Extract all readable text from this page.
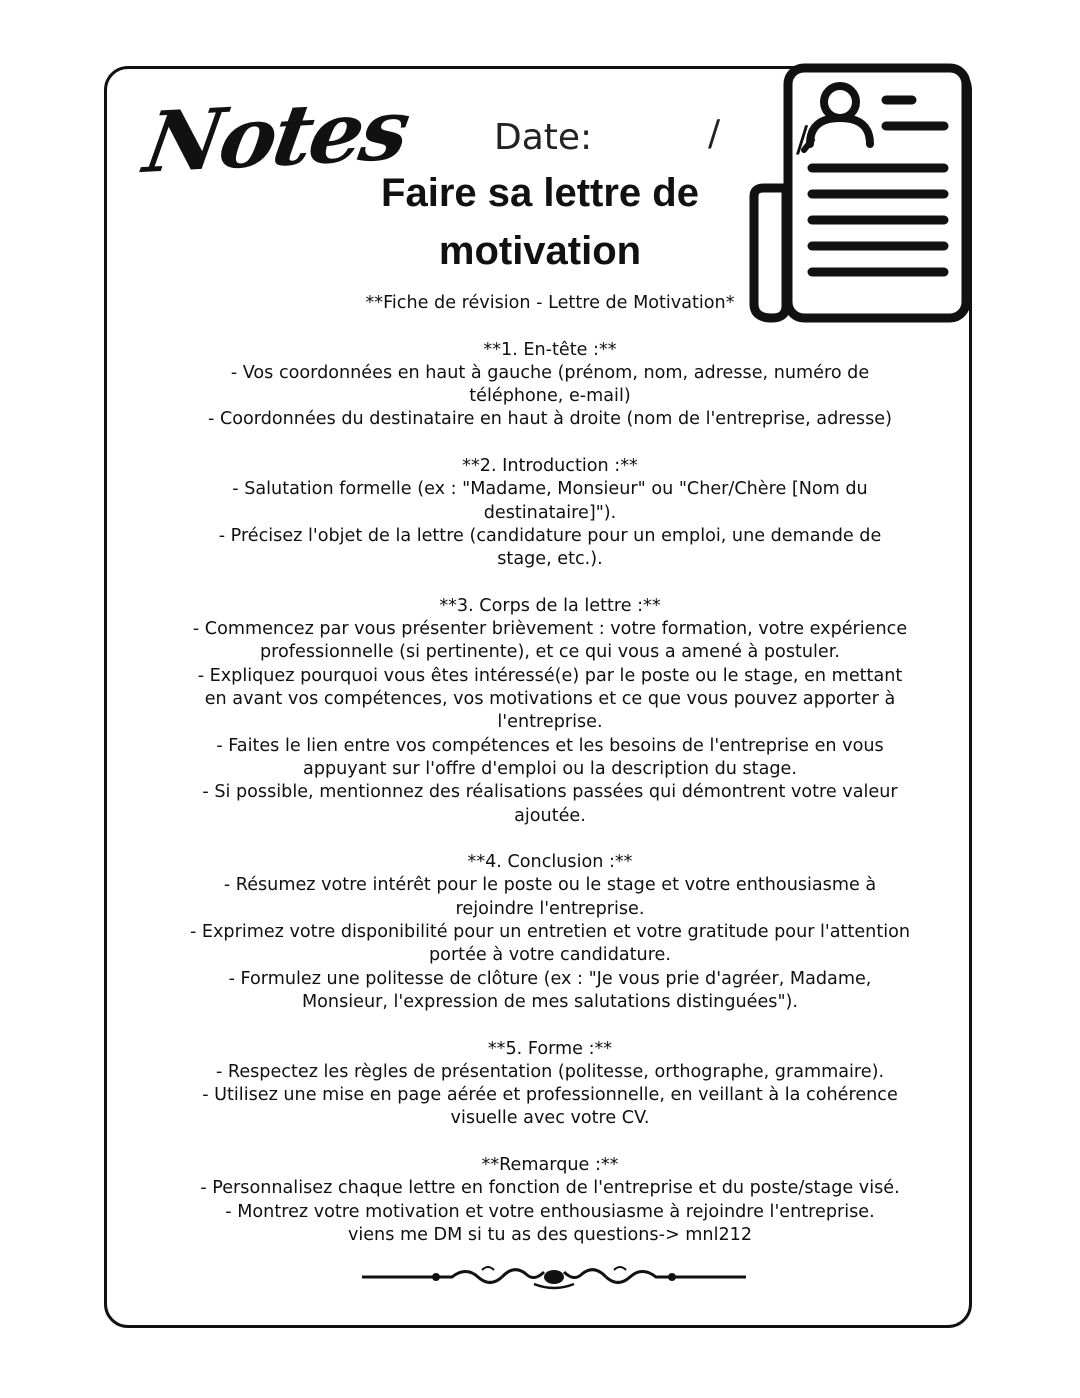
Notes Date:	/
Faire sa lettre de
motivation
/

**Fiche de révision - Lettre de Motivation*

**1. En-tête :**

- Vos coordonnées en haut à gauche (prénom, nom, adresse, numéro de

téléphone, e-mail)

- Coordonnées du destinataire en haut à droite (nom de l'entreprise, adresse)

**2. Introduction :**

- Salutation formelle (ex : "Madame, Monsieur" ou "Cher/Chère [Nom du

destinataire]").

- Précisez l'objet de la lettre (candidature pour un emploi, une demande de

stage, etc.).

**3. Corps de la lettre :**

- Commencez par vous présenter brièvement : votre formation, votre expérience

professionnelle (si pertinente), et ce qui vous a amené à postuler.

- Expliquez pourquoi vous êtes intéressé(e) par le poste ou le stage, en mettant

en avant vos compétences, vos motivations et ce que vous pouvez apporter à

l'entreprise.

- Faites le lien entre vos compétences et les besoins de l'entreprise en vous

appuyant sur l'offre d'emploi ou la description du stage.

- Si possible, mentionnez des réalisations passées qui démontrent votre valeur

ajoutée.

**4. Conclusion :**

- Résumez votre intérêt pour le poste ou le stage et votre enthousiasme à

rejoindre l'entreprise.

- Exprimez votre disponibilité pour un entretien et votre gratitude pour l'attention

portée à votre candidature.

- Formulez une politesse de clôture (ex : "Je vous prie d'agréer, Madame,

Monsieur, l'expression de mes salutations distinguées").

**5. Forme :**

- Respectez les règles de présentation (politesse, orthographe, grammaire).

- Utilisez une mise en page aérée et professionnelle, en veillant à la cohérence

visuelle avec votre CV.

**Remarque :**

- Personnalisez chaque lettre en fonction de l'entreprise et du poste/stage visé.

- Montrez votre motivation et votre enthousiasme à rejoindre l'entreprise.

viens me DM si tu as des questions-> mnl212
